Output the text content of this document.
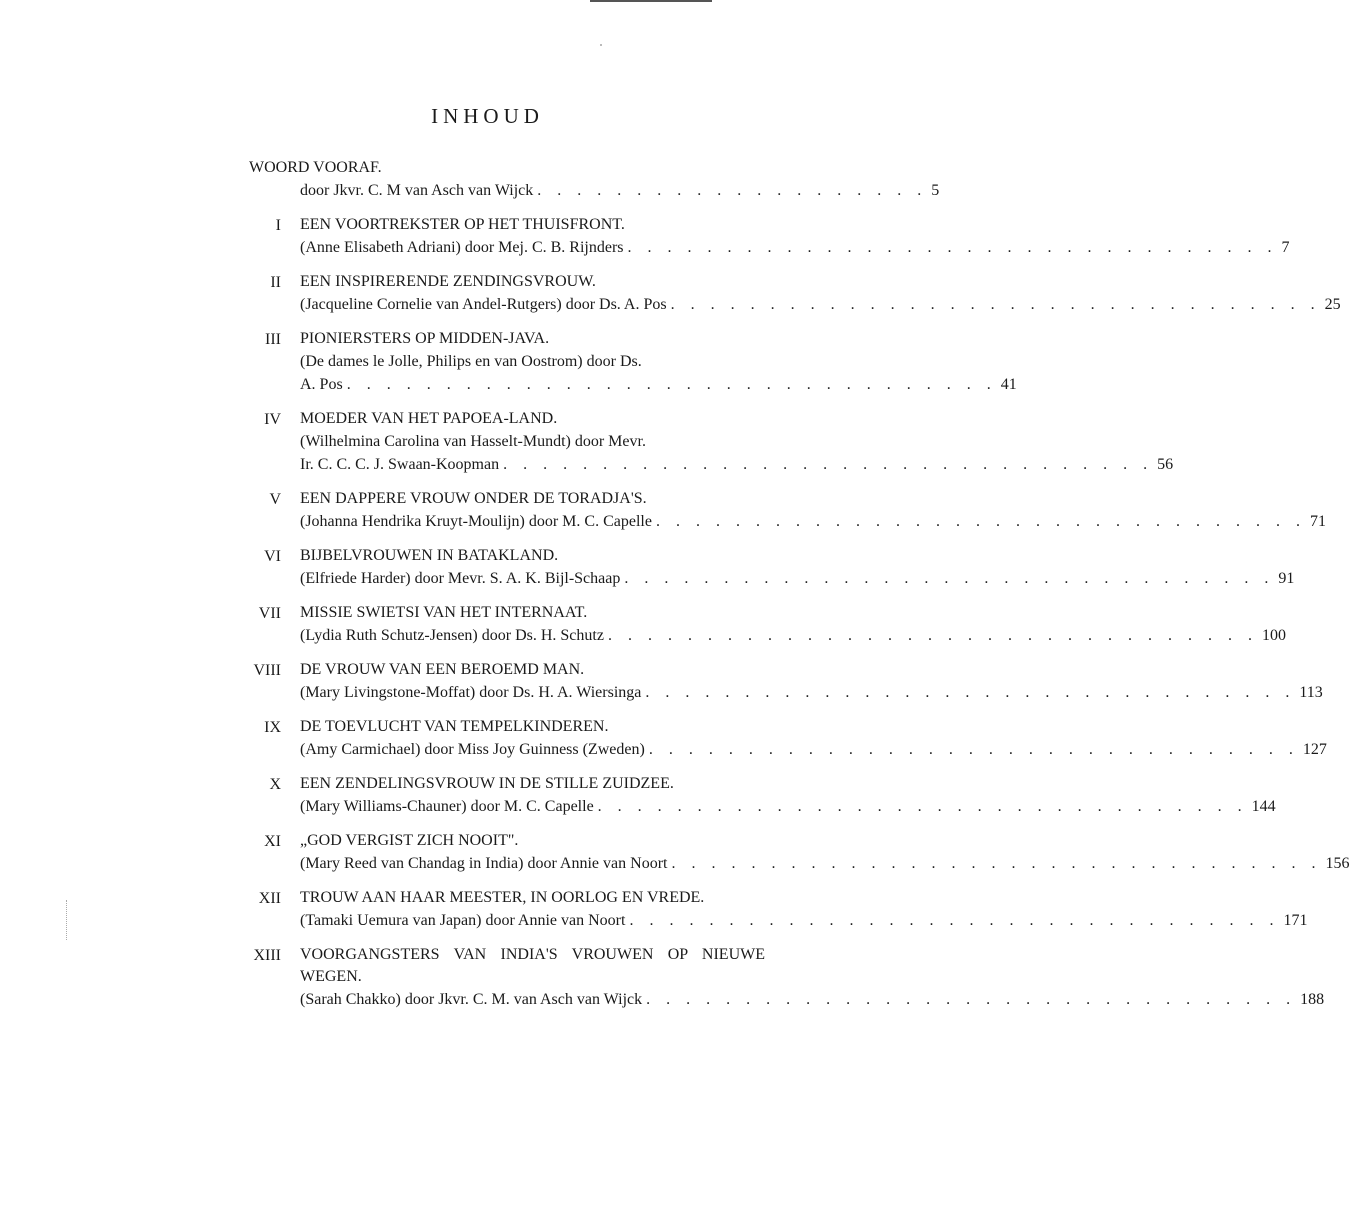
INHOUD
WOORD VOORAF.
door Jkvr. C. M van Asch van Wijck . . . . . . . . . . . . . . . . . . . . 5
I EEN VOORTREKSTER OP HET THUISFRONT.
(Anne Elisabeth Adriani) door Mej. C. B. Rijnders . . . . . . . . . . . . . . . . . . . . . . . . . . . . . . . . . 7
II EEN INSPIRERENDE ZENDINGSVROUW.
(Jacqueline Cornelie van Andel-Rutgers) door Ds. A. Pos . . . . . . . . . . . . . . . . . . . . . . . . . . . . . . . . . 25
III PIONIERSTERS OP MIDDEN-JAVA.
(De dames le Jolle, Philips en van Oostrom) door Ds.
A. Pos . . . . . . . . . . . . . . . . . . . . . . . . . . . . . . . . . 41
IV MOEDER VAN HET PAPOEA-LAND.
(Wilhelmina Carolina van Hasselt-Mundt) door Mevr.
Ir. C. C. C. J. Swaan-Koopman . . . . . . . . . . . . . . . . . . . . . . . . . . . . . . . . . 56
V EEN DAPPERE VROUW ONDER DE TORADJA'S.
(Johanna Hendrika Kruyt-Moulijn) door M. C. Capelle . . . . . . . . . . . . . . . . . . . . . . . . . . . . . . . . . 71
VI BIJBELVROUWEN IN BATAKLAND.
(Elfriede Harder) door Mevr. S. A. K. Bijl-Schaap . . . . . . . . . . . . . . . . . . . . . . . . . . . . . . . . . 91
VII MISSIE SWIETSI VAN HET INTERNAAT.
(Lydia Ruth Schutz-Jensen) door Ds. H. Schutz . . . . . . . . . . . . . . . . . . . . . . . . . . . . . . . . . 100
VIII DE VROUW VAN EEN BEROEMD MAN.
(Mary Livingstone-Moffat) door Ds. H. A. Wiersinga . . . . . . . . . . . . . . . . . . . . . . . . . . . . . . . . . 113
IX DE TOEVLUCHT VAN TEMPELKINDEREN.
(Amy Carmichael) door Miss Joy Guinness (Zweden) . . . . . . . . . . . . . . . . . . . . . . . . . . . . . . . . . 127
X EEN ZENDELINGSVROUW IN DE STILLE ZUIDZEE.
(Mary Williams-Chauner) door M. C. Capelle . . . . . . . . . . . . . . . . . . . . . . . . . . . . . . . . . 144
XI „GOD VERGIST ZICH NOOIT".
(Mary Reed van Chandag in India) door Annie van Noort . . . . . . . . . . . . . . . . . . . . . . . . . . . . . . . . . 156
XII TROUW AAN HAAR MEESTER, IN OORLOG EN VREDE.
(Tamaki Uemura van Japan) door Annie van Noort . . . . . . . . . . . . . . . . . . . . . . . . . . . . . . . . . 171
XIII VOORGANGSTERS VAN INDIA'S VROUWEN OP NIEUWE WEGEN.
(Sarah Chakko) door Jkvr. C. M. van Asch van Wijck . . . . . . . . . . . . . . . . . . . . . . . . . . . . . . . . . 188
